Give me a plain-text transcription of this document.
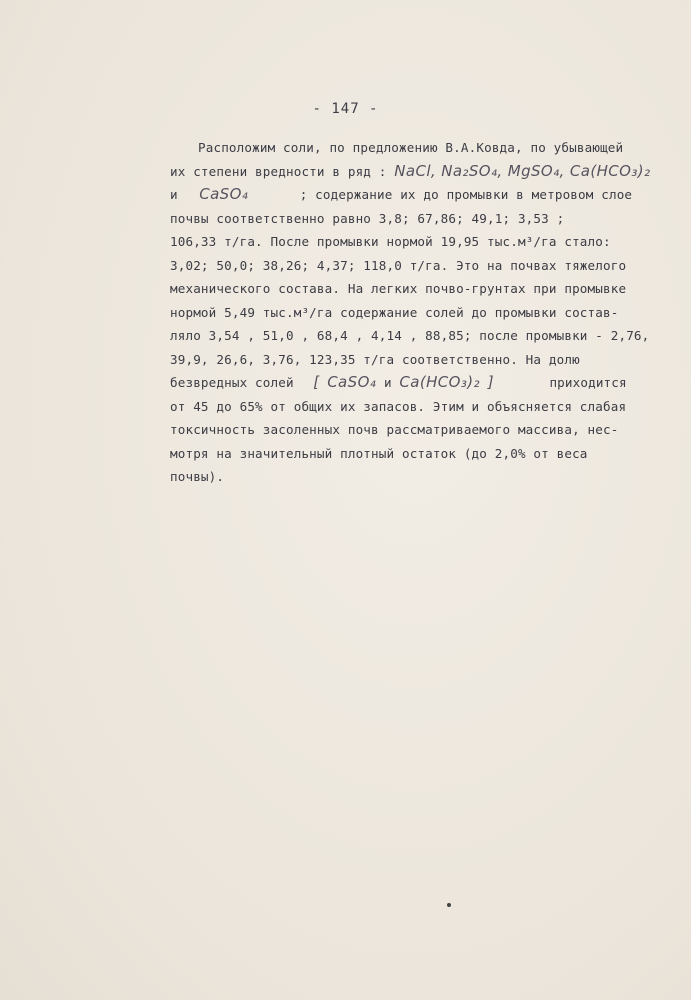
- 147 -
Расположим соли, по предложению В.А.Ковда, по убывающей
их степени вредности в ряд : NaCl, Na₂SO₄, MgSO₄, Ca(HCO₃)₂
и CaSO₄	; содержание их до промывки в метровом слое
почвы соответственно равно 3,8; 67,86; 49,1; 3,53 ;
106,33 т/га. После промывки нормой 19,95 тыс.м³/га стало:
3,02; 50,0; 38,26; 4,37; 118,0 т/га. Это на почвах тяжелого
механического состава. На легких почво-грунтах при промывке
нормой 5,49 тыс.м³/га содержание солей до промывки состав-
ляло 3,54 , 51,0 , 68,4 , 4,14 , 88,85; после промывки - 2,76,
39,9, 26,6, 3,76, 123,35 т/га соответственно. На долю
безвредных солей [ CaSO₄ и Ca(HCO₃)₂ ]	приходится
от 45 до 65% от общих их запасов. Этим и объясняется слабая
токсичность засоленных почв рассматриваемого массива, нес-
мотря на значительный плотный остаток (до 2,0% от веса
почвы).
